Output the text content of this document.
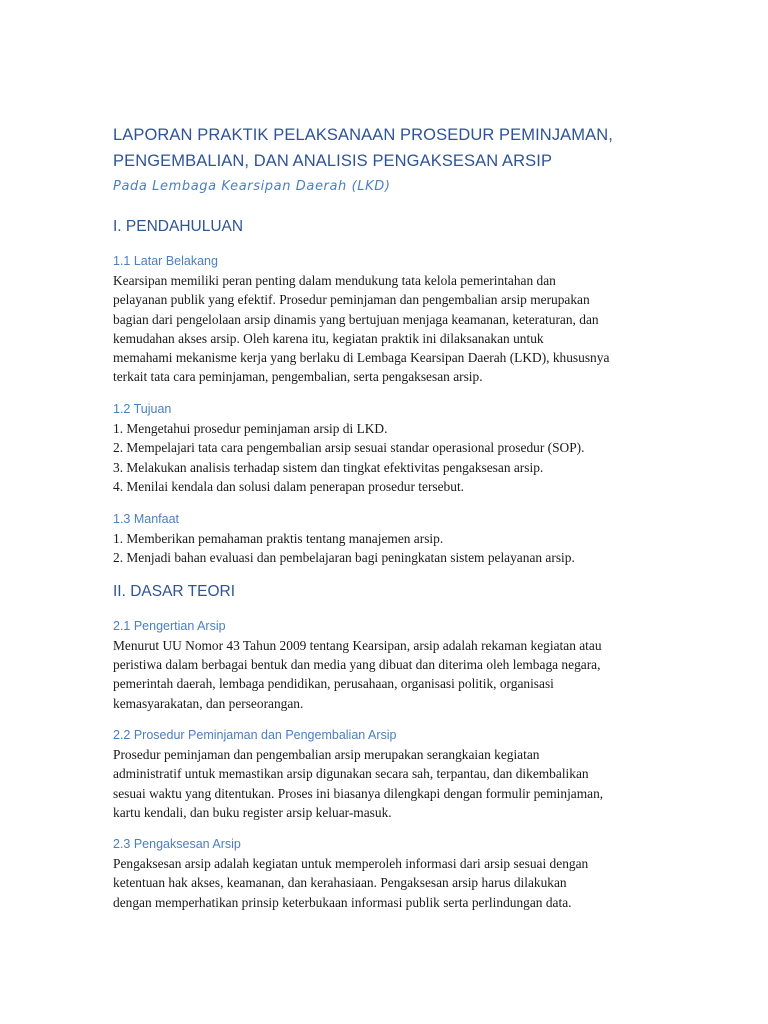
LAPORAN PRAKTIK PELAKSANAAN PROSEDUR PEMINJAMAN,
PENGEMBALIAN, DAN ANALISIS PENGAKSESAN ARSIP

Pada Lembaga Kearsipan Daerah (LKD)

I. PENDAHULUAN
1.1 Latar Belakang

Kearsipan memiliki peran penting dalam mendukung tata kelola pemerintahan dan
pelayanan publik yang efektif. Prosedur peminjaman dan pengembalian arsip merupakan
bagian dari pengelolaan arsip dinamis yang bertujuan menjaga keamanan, keteraturan, dan
kemudahan akses arsip. Oleh karena itu, kegiatan praktik ini dilaksanakan untuk
memahami mekanisme kerja yang berlaku di Lembaga Kearsipan Daerah (LKD), khususnya
terkait tata cara peminjaman, pengembalian, serta pengaksesan arsip.

1.2 Tujuan
1. Mengetahui prosedur peminjaman arsip di LKD.
2. Mempelajari tata cara pengembalian arsip sesuai standar operasional prosedur (SOP).
3. Melakukan analisis terhadap sistem dan tingkat efektivitas pengaksesan arsip.
4. Menilai kendala dan solusi dalam penerapan prosedur tersebut.
1.3 Manfaat
1. Memberikan pemahaman praktis tentang manajemen arsip.
2. Menjadi bahan evaluasi dan pembelajaran bagi peningkatan sistem pelayanan arsip.
II. DASAR TEORI
2.1 Pengertian Arsip

Menurut UU Nomor 43 Tahun 2009 tentang Kearsipan, arsip adalah rekaman kegiatan atau
peristiwa dalam berbagai bentuk dan media yang dibuat dan diterima oleh lembaga negara,
pemerintah daerah, lembaga pendidikan, perusahaan, organisasi politik, organisasi
kemasyarakatan, dan perseorangan.

2.2 Prosedur Peminjaman dan Pengembalian Arsip

Prosedur peminjaman dan pengembalian arsip merupakan serangkaian kegiatan
administratif untuk memastikan arsip digunakan secara sah, terpantau, dan dikembalikan
sesuai waktu yang ditentukan. Proses ini biasanya dilengkapi dengan formulir peminjaman,
kartu kendali, dan buku register arsip keluar-masuk.

2.3 Pengaksesan Arsip

Pengaksesan arsip adalah kegiatan untuk memperoleh informasi dari arsip sesuai dengan
ketentuan hak akses, keamanan, dan kerahasiaan. Pengaksesan arsip harus dilakukan
dengan memperhatikan prinsip keterbukaan informasi publik serta perlindungan data.
